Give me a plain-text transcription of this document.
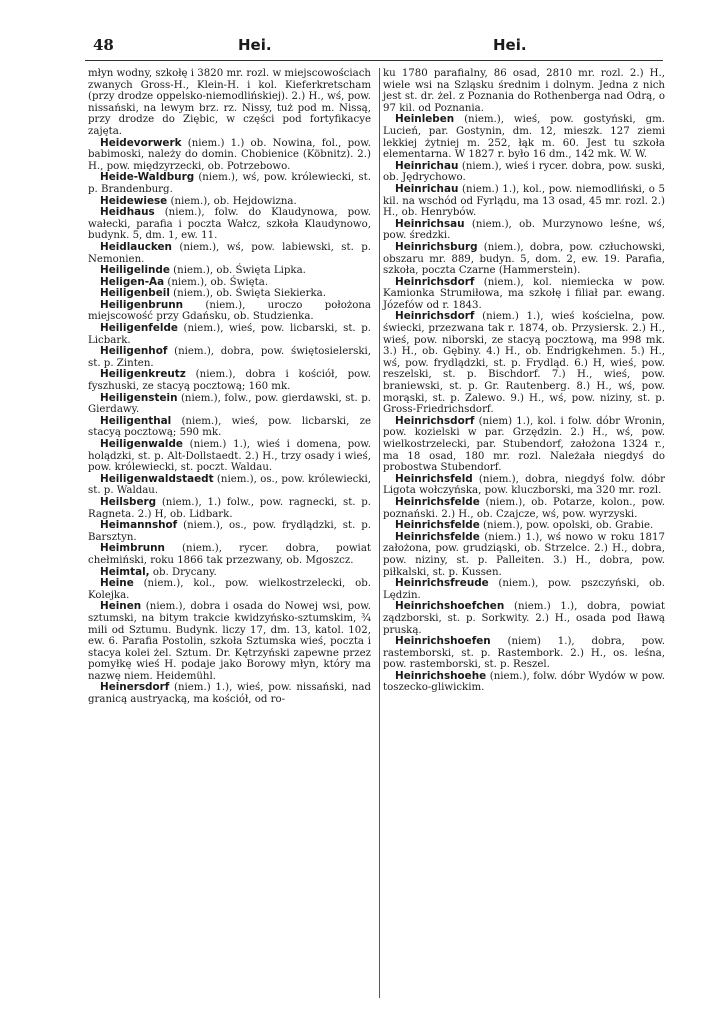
48	Hei.	Hei.

młyn wodny, szkołę i 3820 mr. rozl. w miejscowościach zwanych Gross-H., Klein-H. i kol. Kieferkretscham (przy drodze oppelsko-niemodlińskiej). 2.) H., wś, pow. nissański, na lewym brz. rz. Nissy, tuż pod m. Nissą, przy drodze do Ziębic, w części pod fortyfikacye zajęta.

Heidevorwerk (niem.) 1.) ob. Nowina, fol., pow. babimoski, należy do domin. Chobienice (Köbnitz). 2.) H., pow. międzyrzecki, ob. Potrzebowo.

Heide-Waldburg (niem.), wś, pow. królewiecki, st. p. Brandenburg.

Heidewiese (niem.), ob. Hejdowizna.

Heidhaus (niem.), folw. do Klaudynowa, pow. wałecki, parafia i poczta Wałcz, szkoła Klaudynowo, budynk. 5, dm. 1, ew. 11.

Heidlaucken (niem.), wś, pow. labiewski, st. p. Nemonien.

Heiligelinde (niem.), ob. Święta Lipka.

Heligen-Aa (niem.), ob. Święta.

Heiligenbeil (niem.), ob. Święta Siekierka.

Heiligenbrunn (niem.), uroczo położona miejscowość przy Gdańsku, ob. Studzienka.

Heiligenfelde (niem.), wieś, pow. licbarski, st. p. Licbark.

Heiligenhof (niem.), dobra, pow. świętosielerski, st. p. Zinten.

Heiligenkreutz (niem.), dobra i kościół, pow. fyszhuski, ze stacyą pocztową; 160 mk.

Heiligenstein (niem.), folw., pow. gierdawski, st. p. Gierdawy.

Heiligenthal (niem.), wieś, pow. licbarski, ze stacyą pocztową; 590 mk.

Heiligenwalde (niem.) 1.), wieś i domena, pow. holądzki, st. p. Alt-Dollstaedt. 2.) H., trzy osady i wieś, pow. królewiecki, st. poczt. Waldau.

Heiligenwaldstaedt (niem.), os., pow. królewiecki, st. p. Waldau.

Heilsberg (niem.), 1.) folw., pow. ragnecki, st. p. Ragneta. 2.) H, ob. Lidbark.

Heimannshof (niem.), os., pow. frydlądzki, st. p. Barsztyn.

Heimbrunn (niem.), rycer. dobra, powiat chełmiński, roku 1866 tak przezwany, ob. Mgoszcz.

Heimtal, ob. Drycany.

Heine (niem.), kol., pow. wielkostrzelecki, ob. Kolejka.

Heinen (niem.), dobra i osada do Nowej wsi, pow. sztumski, na bitym trakcie kwidzyńsko-sztumskim, ¾ mili od Sztumu. Budynk. liczy 17, dm. 13, katol. 102, ew. 6. Parafia Postolin, szkoła Sztumska wieś, poczta i stacya kolei żel. Sztum. Dr. Kętrzyński zapewne przez pomyłkę wieś H. podaje jako Borowy młyn, który ma nazwę niem. Heidemühl.

Heinersdorf (niem.) 1.), wieś, pow. nissański, nad granicą austryacką, ma kościół, od ro-

ku 1780 parafialny, 86 osad, 2810 mr. rozl. 2.) H., wiele wsi na Szląsku średnim i dolnym. Jedna z nich jest st. dr. żel. z Poznania do Rothenberga nad Odrą, o 97 kil. od Poznania.

Heinleben (niem.), wieś, pow. gostyński, gm. Lucień, par. Gostynin, dm. 12, mieszk. 127 ziemi lekkiej żytniej m. 252, łąk m. 60. Jest tu szkoła elementarna. W 1827 r. było 16 dm., 142 mk. W. W.

Heinrichau (niem.), wieś i rycer. dobra, pow. suski, ob. Jędrychowo.

Heinrichau (niem.) 1.), kol., pow. niemodliński, o 5 kil. na wschód od Fyrlądu, ma 13 osad, 45 mr. rozl. 2.) H., ob. Henrybów.

Heinrichsau (niem.), ob. Murzynowo leśne, wś, pow. średzki.

Heinrichsburg (niem.), dobra, pow. człuchowski, obszaru mr. 889, budyn. 5, dom. 2, ew. 19. Parafia, szkoła, poczta Czarne (Hammerstein).

Heinrichsdorf (niem.), kol. niemiecka w pow. Kamionka Strumiłowa, ma szkołę i filiał par. ewang. Józefów od r. 1843.

Heinrichsdorf (niem.) 1.), wieś kościelna, pow. świecki, przezwana tak r. 1874, ob. Przysiersk. 2.) H., wieś, pow. niborski, ze stacyą pocztową, ma 998 mk. 3.) H., ob. Gębiny. 4.) H., ob. Endrigkehmen. 5.) H., wś, pow. frydlądzki, st. p. Frydląd. 6.) H, wieś, pow. reszelski, st. p. Bischdorf. 7.) H., wieś, pow. braniewski, st. p. Gr. Rautenberg. 8.) H., wś, pow. morąski, st. p. Zalewo. 9.) H., wś, pow. niziny, st. p. Gross-Friedrichsdorf.

Heinrichsdorf (niem) 1.), kol. i folw. dóbr Wronin, pow. kozielski w par. Grzędzin. 2.) H., wś, pow. wielkostrzelecki, par. Stubendorf, założona 1324 r., ma 18 osad, 180 mr. rozl. Należała niegdyś do probostwa Stubendorf.

Heinrichsfeld (niem.), dobra, niegdyś folw. dóbr Ligota wołczyńska, pow. kluczborski, ma 320 mr. rozl.

Heinrichsfelde (niem.), ob. Potarze, kolon., pow. poznański. 2.) H., ob. Czajcze, wś, pow. wyrzyski.

Heinrichsfelde (niem.), pow. opolski, ob. Grabie.

Heinrichsfelde (niem.) 1.), wś nowo w roku 1817 założona, pow. grudziąski, ob. Strzelce. 2.) H., dobra, pow. niziny, st. p. Palleiten. 3.) H., dobra, pow. piłkalski, st. p. Kussen.

Heinrichsfreude (niem.), pow. pszczyński, ob. Lędzin.

Heinrichshoefchen (niem.) 1.), dobra, powiat ządzborski, st. p. Sorkwity. 2.) H., osada pod Iławą pruską.

Heinrichshoefen (niem) 1.), dobra, pow. rastemborski, st. p. Rastembork. 2.) H., os. leśna, pow. rastemborski, st. p. Reszel.

Heinrichshoehe (niem.), folw. dóbr Wydów w pow. toszecko-gliwickim.
